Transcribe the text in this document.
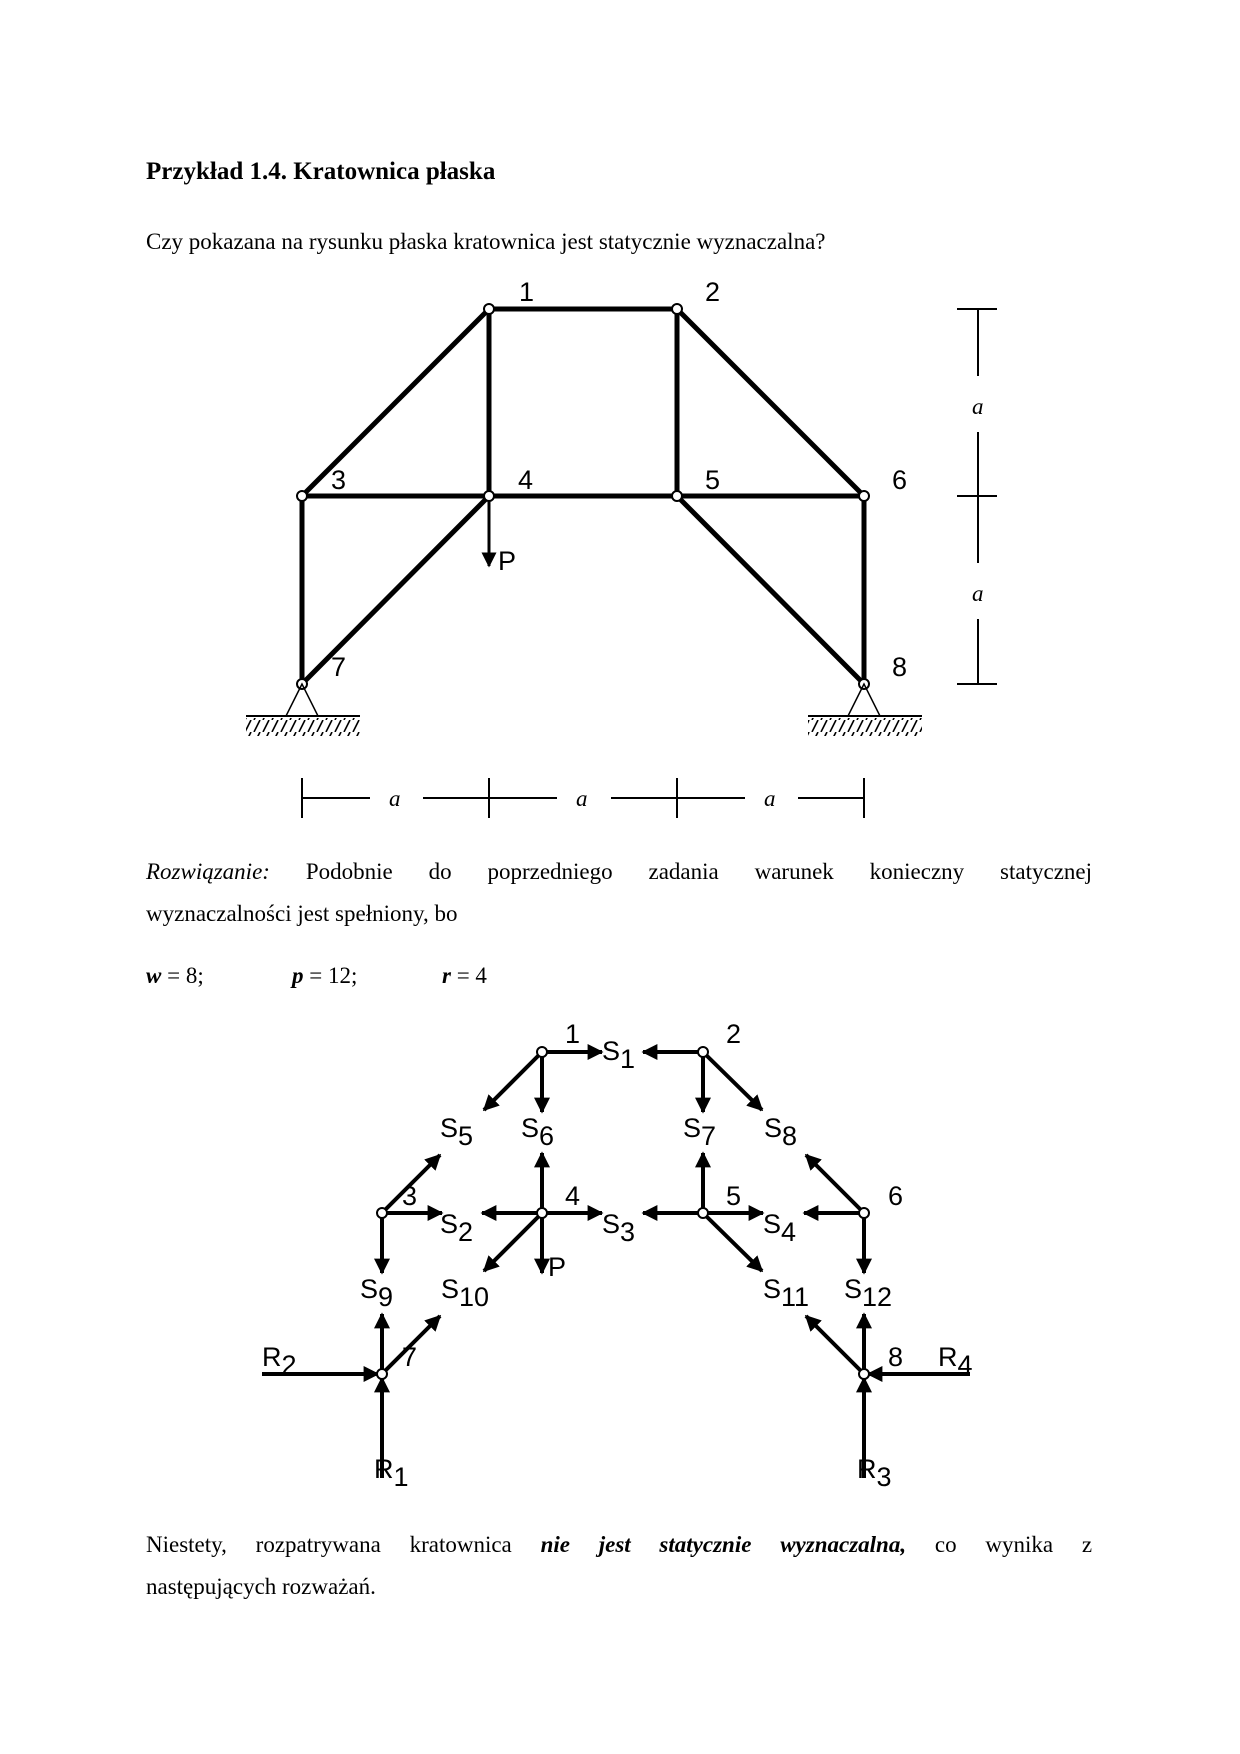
Przykład 1.4. Kratownica płaska

Czy pokazana na rysunku płaska kratownica jest statycznie wyznaczalna?

P
1	2
3	4	5	6
7	8
a	a	a
a
a

Rozwiązanie: Podobnie do poprzedniego zadania warunek konieczny statycznej

wyznaczalności jest spełniony, bo

w = 8;	p = 12;	r = 4
1	2
3	4	5	6
7	8
S1
S2	S3	S4
S5 S6	S7 S8
S9 S10	S11 S12
R1
R2
R3
R4
P

Niestety, rozpatrywana kratownica nie jest statycznie wyznaczalna, co wynika z

następujących rozważań.
